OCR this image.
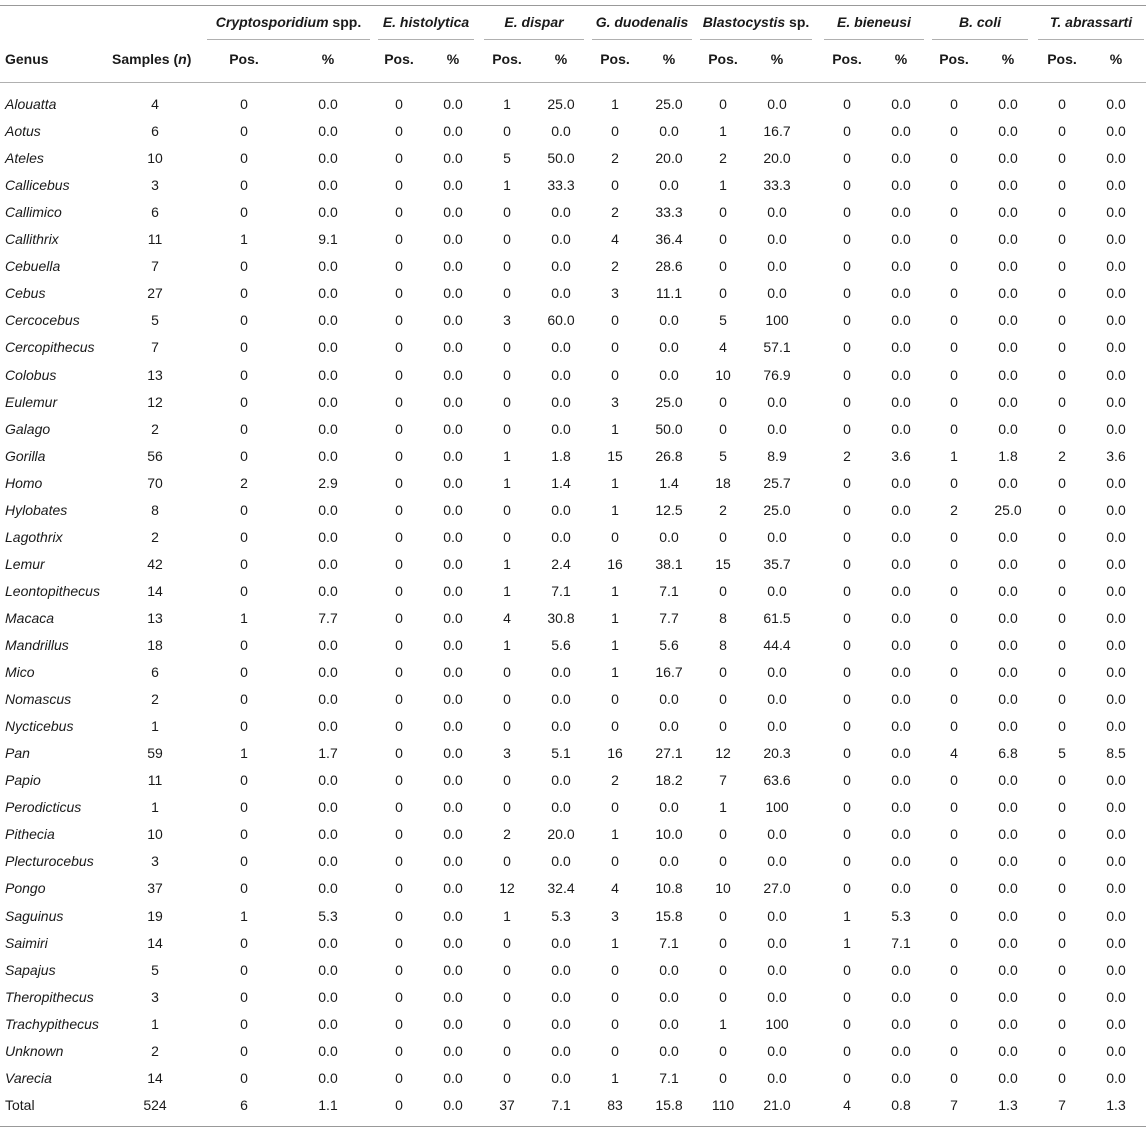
Cryptosporidium spp.	E. histolytica	E. dispar	G. duodenalis	Blastocystis sp.	E. bieneusi	B. coli	T. abrassarti
Genus	Samples (n)	Pos.	%	Pos.	%	Pos.	%	Pos.	%	Pos.	%	Pos.	%	Pos.	%	Pos.	%
Alouatta	4	0	0.0	0	0.0	1	25.0	1	25.0	0	0.0	0	0.0	0	0.0	0	0.0
Aotus	6	0	0.0	0	0.0	0	0.0	0	0.0	1	16.7	0	0.0	0	0.0	0	0.0
Ateles	10	0	0.0	0	0.0	5	50.0	2	20.0	2	20.0	0	0.0	0	0.0	0	0.0
Callicebus	3	0	0.0	0	0.0	1	33.3	0	0.0	1	33.3	0	0.0	0	0.0	0	0.0
Callimico	6	0	0.0	0	0.0	0	0.0	2	33.3	0	0.0	0	0.0	0	0.0	0	0.0
Callithrix	11	1	9.1	0	0.0	0	0.0	4	36.4	0	0.0	0	0.0	0	0.0	0	0.0
Cebuella	7	0	0.0	0	0.0	0	0.0	2	28.6	0	0.0	0	0.0	0	0.0	0	0.0
Cebus	27	0	0.0	0	0.0	0	0.0	3	11.1	0	0.0	0	0.0	0	0.0	0	0.0
Cercocebus	5	0	0.0	0	0.0	3	60.0	0	0.0	5	100	0	0.0	0	0.0	0	0.0
Cercopithecus	7	0	0.0	0	0.0	0	0.0	0	0.0	4	57.1	0	0.0	0	0.0	0	0.0
Colobus	13	0	0.0	0	0.0	0	0.0	0	0.0	10	76.9	0	0.0	0	0.0	0	0.0
Eulemur	12	0	0.0	0	0.0	0	0.0	3	25.0	0	0.0	0	0.0	0	0.0	0	0.0
Galago	2	0	0.0	0	0.0	0	0.0	1	50.0	0	0.0	0	0.0	0	0.0	0	0.0
Gorilla	56	0	0.0	0	0.0	1	1.8	15	26.8	5	8.9	2	3.6	1	1.8	2	3.6
Homo	70	2	2.9	0	0.0	1	1.4	1	1.4	18	25.7	0	0.0	0	0.0	0	0.0
Hylobates	8	0	0.0	0	0.0	0	0.0	1	12.5	2	25.0	0	0.0	2	25.0	0	0.0
Lagothrix	2	0	0.0	0	0.0	0	0.0	0	0.0	0	0.0	0	0.0	0	0.0	0	0.0
Lemur	42	0	0.0	0	0.0	1	2.4	16	38.1	15	35.7	0	0.0	0	0.0	0	0.0
Leontopithecus	14	0	0.0	0	0.0	1	7.1	1	7.1	0	0.0	0	0.0	0	0.0	0	0.0
Macaca	13	1	7.7	0	0.0	4	30.8	1	7.7	8	61.5	0	0.0	0	0.0	0	0.0
Mandrillus	18	0	0.0	0	0.0	1	5.6	1	5.6	8	44.4	0	0.0	0	0.0	0	0.0
Mico	6	0	0.0	0	0.0	0	0.0	1	16.7	0	0.0	0	0.0	0	0.0	0	0.0
Nomascus	2	0	0.0	0	0.0	0	0.0	0	0.0	0	0.0	0	0.0	0	0.0	0	0.0
Nycticebus	1	0	0.0	0	0.0	0	0.0	0	0.0	0	0.0	0	0.0	0	0.0	0	0.0
Pan	59	1	1.7	0	0.0	3	5.1	16	27.1	12	20.3	0	0.0	4	6.8	5	8.5
Papio	11	0	0.0	0	0.0	0	0.0	2	18.2	7	63.6	0	0.0	0	0.0	0	0.0
Perodicticus	1	0	0.0	0	0.0	0	0.0	0	0.0	1	100	0	0.0	0	0.0	0	0.0
Pithecia	10	0	0.0	0	0.0	2	20.0	1	10.0	0	0.0	0	0.0	0	0.0	0	0.0
Plecturocebus	3	0	0.0	0	0.0	0	0.0	0	0.0	0	0.0	0	0.0	0	0.0	0	0.0
Pongo	37	0	0.0	0	0.0	12	32.4	4	10.8	10	27.0	0	0.0	0	0.0	0	0.0
Saguinus	19	1	5.3	0	0.0	1	5.3	3	15.8	0	0.0	1	5.3	0	0.0	0	0.0
Saimiri	14	0	0.0	0	0.0	0	0.0	1	7.1	0	0.0	1	7.1	0	0.0	0	0.0
Sapajus	5	0	0.0	0	0.0	0	0.0	0	0.0	0	0.0	0	0.0	0	0.0	0	0.0
Theropithecus	3	0	0.0	0	0.0	0	0.0	0	0.0	0	0.0	0	0.0	0	0.0	0	0.0
Trachypithecus	1	0	0.0	0	0.0	0	0.0	0	0.0	1	100	0	0.0	0	0.0	0	0.0
Unknown	2	0	0.0	0	0.0	0	0.0	0	0.0	0	0.0	0	0.0	0	0.0	0	0.0
Varecia	14	0	0.0	0	0.0	0	0.0	1	7.1	0	0.0	0	0.0	0	0.0	0	0.0
Total	524	6	1.1	0	0.0	37	7.1	83	15.8	110	21.0	4	0.8	7	1.3	7	1.3
